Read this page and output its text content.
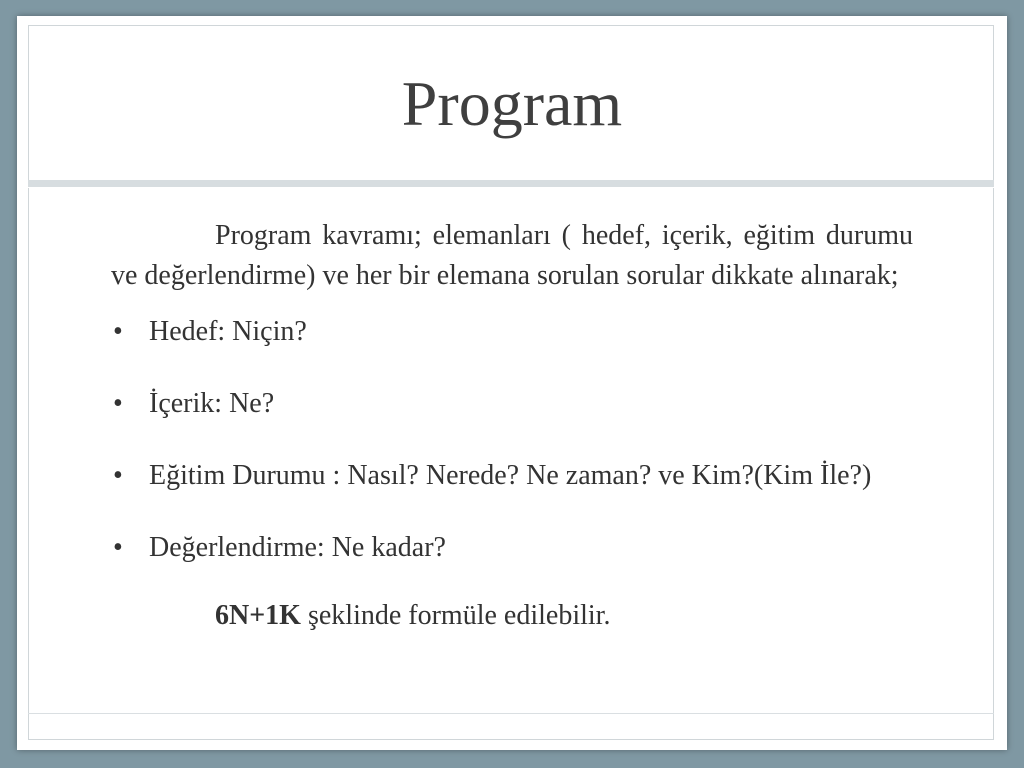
Program

Program kavramı; elemanları ( hedef, içerik, eğitim durumu ve değerlendirme) ve her bir elemana sorulan sorular dikkate alınarak;

• Hedef: Niçin?
• İçerik: Ne?
• Eğitim Durumu : Nasıl? Nerede? Ne zaman? ve Kim?(Kim İle?)
• Değerlendirme: Ne kadar?

6N+1K şeklinde formüle edilebilir.
